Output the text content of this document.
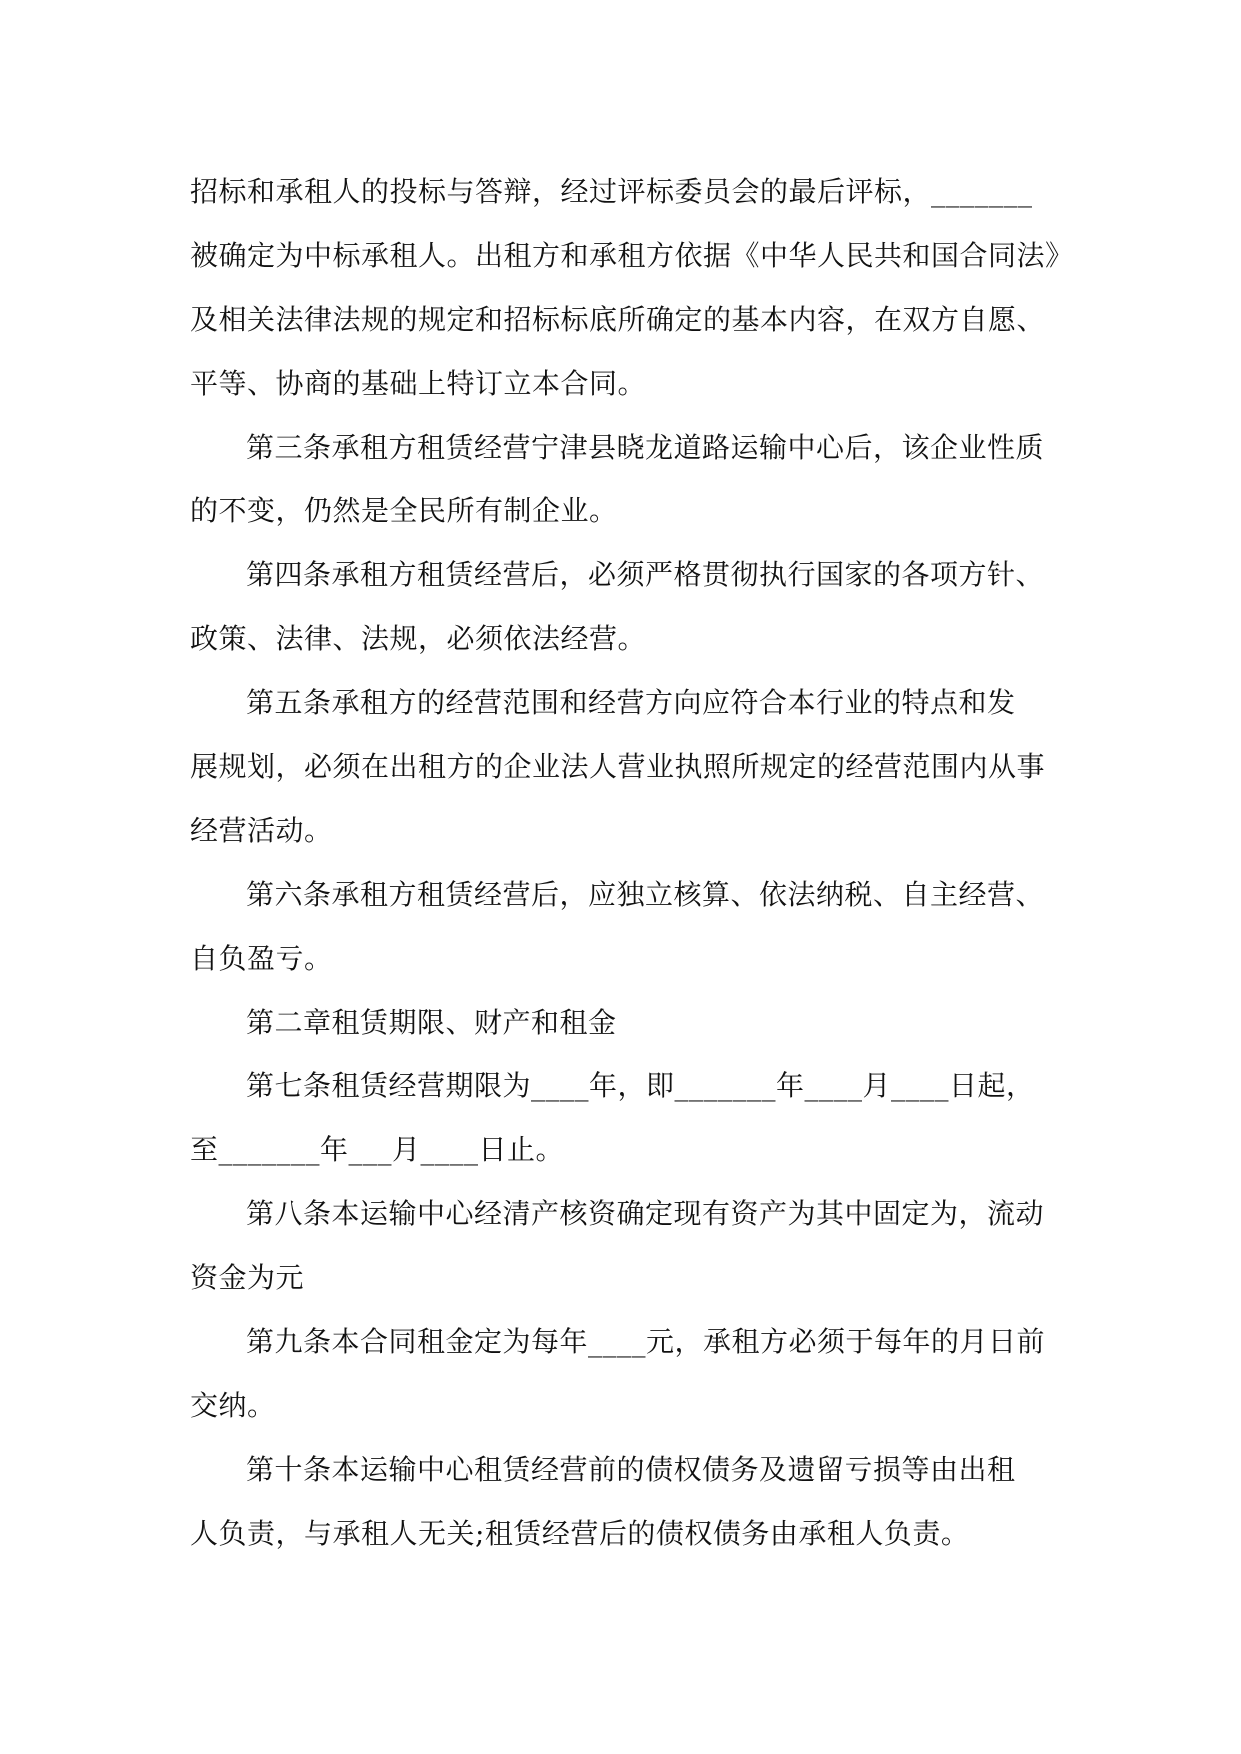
招标和承租人的投标与答辩，经过评标委员会的最后评标，_______
被确定为中标承租人。出租方和承租方依据《中华人民共和国合同法》
及相关法律法规的规定和招标标底所确定的基本内容，在双方自愿、
平等、协商的基础上特订立本合同。
第三条承租方租赁经营宁津县晓龙道路运输中心后，该企业性质
的不变，仍然是全民所有制企业。
第四条承租方租赁经营后，必须严格贯彻执行国家的各项方针、
政策、法律、法规，必须依法经营。
第五条承租方的经营范围和经营方向应符合本行业的特点和发
展规划，必须在出租方的企业法人营业执照所规定的经营范围内从事
经营活动。
第六条承租方租赁经营后，应独立核算、依法纳税、自主经营、
自负盈亏。
第二章租赁期限、财产和租金
第七条租赁经营期限为____年，即_______年____月____日起，
至_______年___月____日止。
第八条本运输中心经清产核资确定现有资产为其中固定为，流动
资金为元
第九条本合同租金定为每年____元，承租方必须于每年的月日前
交纳。
第十条本运输中心租赁经营前的债权债务及遗留亏损等由出租
人负责，与承租人无关;租赁经营后的债权债务由承租人负责。
